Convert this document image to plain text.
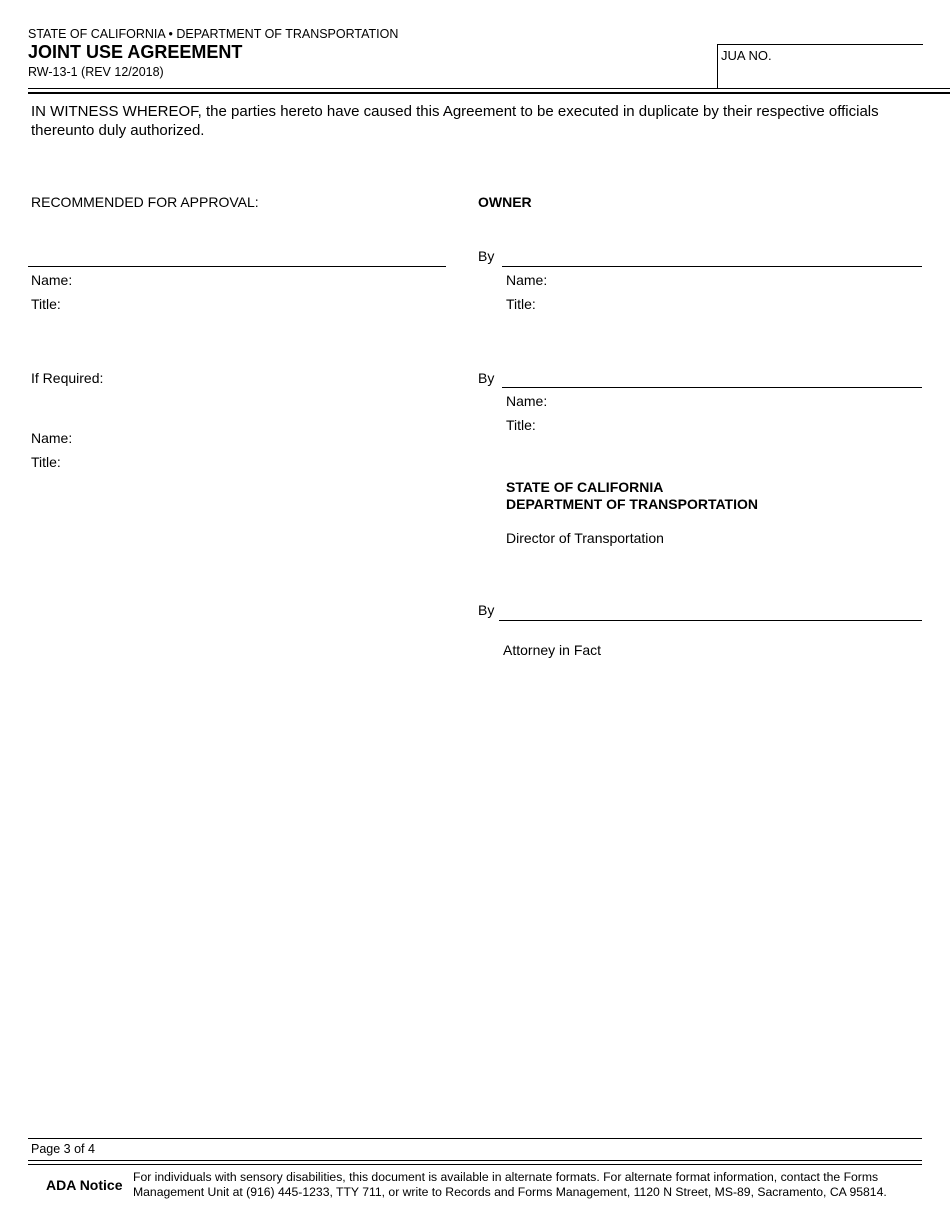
STATE OF CALIFORNIA • DEPARTMENT OF TRANSPORTATION
JOINT USE AGREEMENT
RW-13-1 (REV 12/2018)
JUA NO.
IN WITNESS WHEREOF, the parties hereto have caused this Agreement to be executed in duplicate by their respective officials thereunto duly authorized.
RECOMMENDED FOR APPROVAL:
Name:
Title:
If Required:
Name:
Title:
OWNER
By
Name:
Title:
By
Name:
Title:
STATE OF CALIFORNIA
DEPARTMENT OF TRANSPORTATION
Director of Transportation
By
Attorney in Fact
Page 3 of 4
ADA Notice For individuals with sensory disabilities, this document is available in alternate formats. For alternate format information, contact the Forms Management Unit at (916) 445-1233, TTY 711, or write to Records and Forms Management, 1120 N Street, MS-89, Sacramento, CA 95814.
